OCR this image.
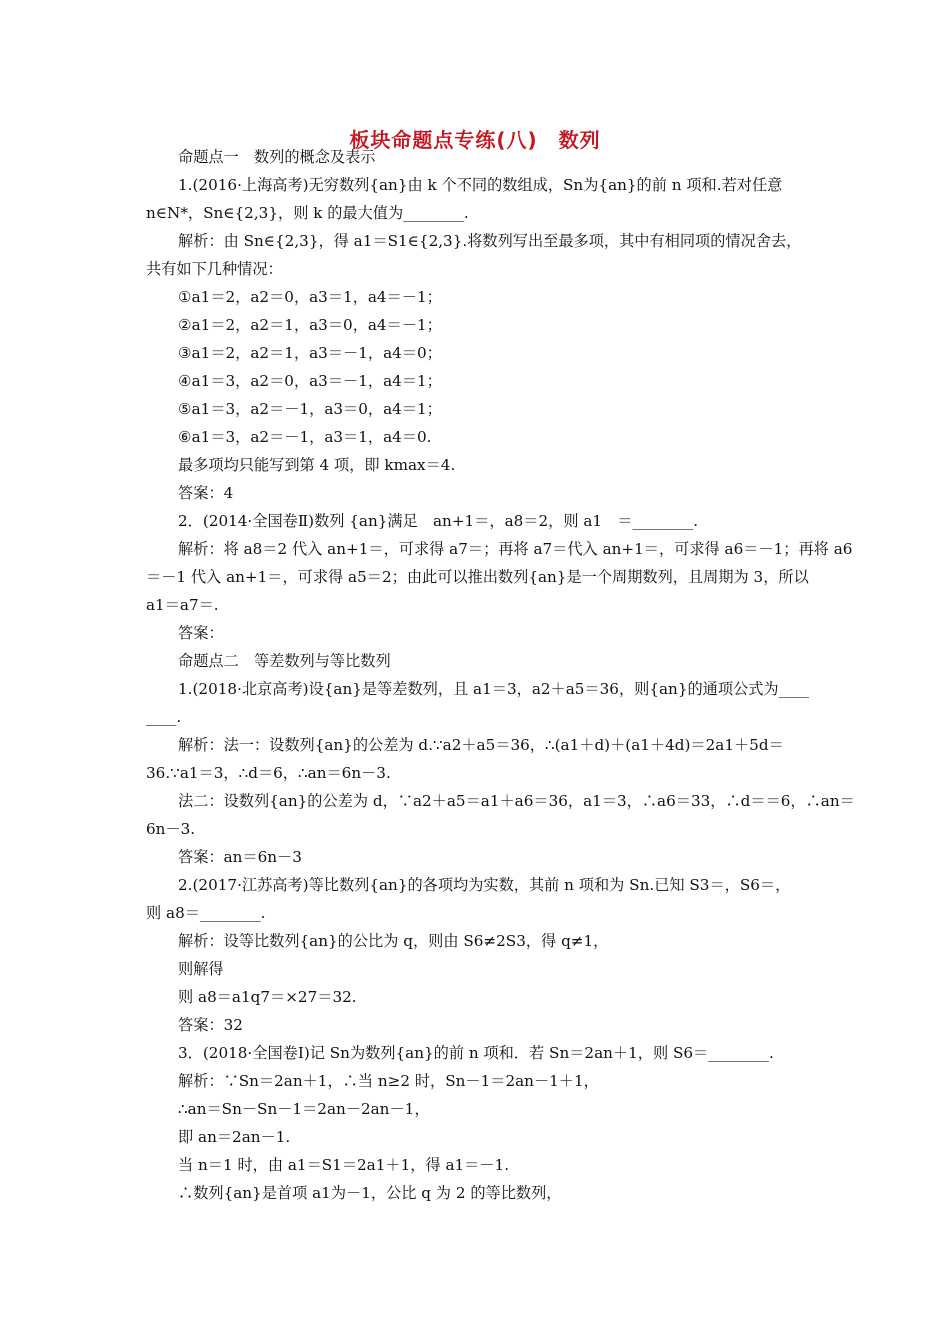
板块命题点专练(八)　数列
命题点一　数列的概念及表示
1.(2016·上海高考)无穷数列{an}由 k 个不同的数组成，Sn为{an}的前 n 项和.若对任意
n∈N*，Sn∈{2,3}，则 k 的最大值为________.
解析：由 Sn∈{2,3}，得 a1＝S1∈{2,3}.将数列写出至最多项，其中有相同项的情况舍去，
共有如下几种情况：
①a1＝2，a2＝0，a3＝1，a4＝－1；
②a1＝2，a2＝1，a3＝0，a4＝－1；
③a1＝2，a2＝1，a3＝－1，a4＝0；
④a1＝3，a2＝0，a3＝－1，a4＝1；
⑤a1＝3，a2＝－1，a3＝0，a4＝1；
⑥a1＝3，a2＝－1，a3＝1，a4＝0.
最多项均只能写到第 4 项，即 kmax＝4.
答案：4
2．(2014·全国卷Ⅱ)数列 {an}满足　an+1＝，a8＝2，则 a1　＝________.
解析：将 a8＝2 代入 an+1＝，可求得 a7＝；再将 a7＝代入 an+1＝，可求得 a6＝－1；再将 a6
＝－1 代入 an+1＝，可求得 a5＝2；由此可以推出数列{an}是一个周期数列，且周期为 3，所以
a1＝a7＝.
答案：
命题点二　等差数列与等比数列
1.(2018·北京高考)设{an}是等差数列，且 a1＝3，a2＋a5＝36，则{an}的通项公式为____
____.
解析：法一：设数列{an}的公差为 d.∵a2＋a5＝36，∴(a1＋d)＋(a1＋4d)＝2a1＋5d＝
36.∵a1＝3，∴d＝6，∴an＝6n－3.
法二：设数列{an}的公差为 d，∵a2＋a5＝a1＋a6＝36，a1＝3，∴a6＝33，∴d＝＝6，∴an＝
6n－3.
答案：an＝6n－3
2.(2017·江苏高考)等比数列{an}的各项均为实数，其前 n 项和为 Sn.已知 S3＝，S6＝，
则 a8＝________.
解析：设等比数列{an}的公比为 q，则由 S6≠2S3，得 q≠1，
则解得
则 a8＝a1q7＝×27＝32.
答案：32
3．(2018·全国卷Ⅰ)记 Sn为数列{an}的前 n 项和．若 Sn＝2an＋1，则 S6＝________.
解析：∵Sn＝2an＋1，∴当 n≥2 时，Sn－1＝2an－1＋1，
∴an＝Sn－Sn－1＝2an－2an－1，
即 an＝2an－1.
当 n＝1 时，由 a1＝S1＝2a1＋1，得 a1＝－1.
∴数列{an}是首项 a1为－1，公比 q 为 2 的等比数列，
